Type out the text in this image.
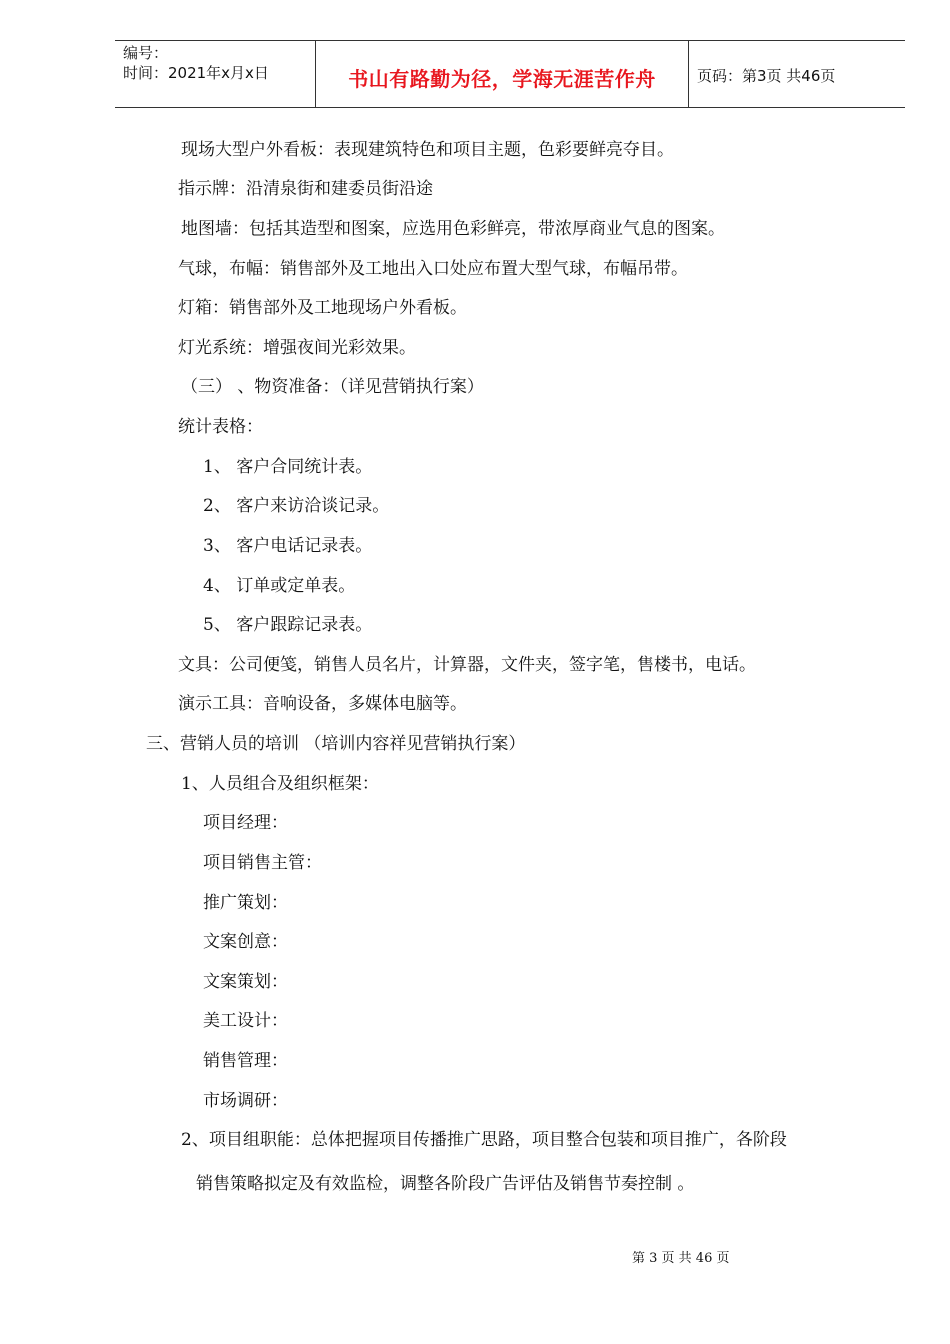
编号：
时间：2021年x月x日	书山有路勤为径，学海无涯苦作舟	页码：第3页 共46页
现场大型户外看板：表现建筑特色和项目主题，色彩要鲜亮夺目。
指示牌：沿清泉街和建委员街沿途
地图墙：包括其造型和图案，应选用色彩鲜亮，带浓厚商业气息的图案。
气球，布幅：销售部外及工地出入口处应布置大型气球，布幅吊带。
灯箱：销售部外及工地现场户外看板。
灯光系统：增强夜间光彩效果。
（三） 、物资准备：（详见营销执行案）
统计表格：
1、 客户合同统计表。
2、 客户来访洽谈记录。
3、 客户电话记录表。
4、 订单或定单表。
5、 客户跟踪记录表。
文具：公司便笺，销售人员名片，计算器，文件夹，签字笔，售楼书，电话。
演示工具：音响设备，多媒体电脑等。
三、营销人员的培训 （培训内容祥见营销执行案）
1、人员组合及组织框架：
项目经理：
项目销售主管：
推广策划：
文案创意：
文案策划：
美工设计：
销售管理：
市场调研：
2、项目组职能：总体把握项目传播推广思路，项目整合包装和项目推广，各阶段
销售策略拟定及有效监检，调整各阶段广告评估及销售节奏控制 。
第 3 页 共 46 页
